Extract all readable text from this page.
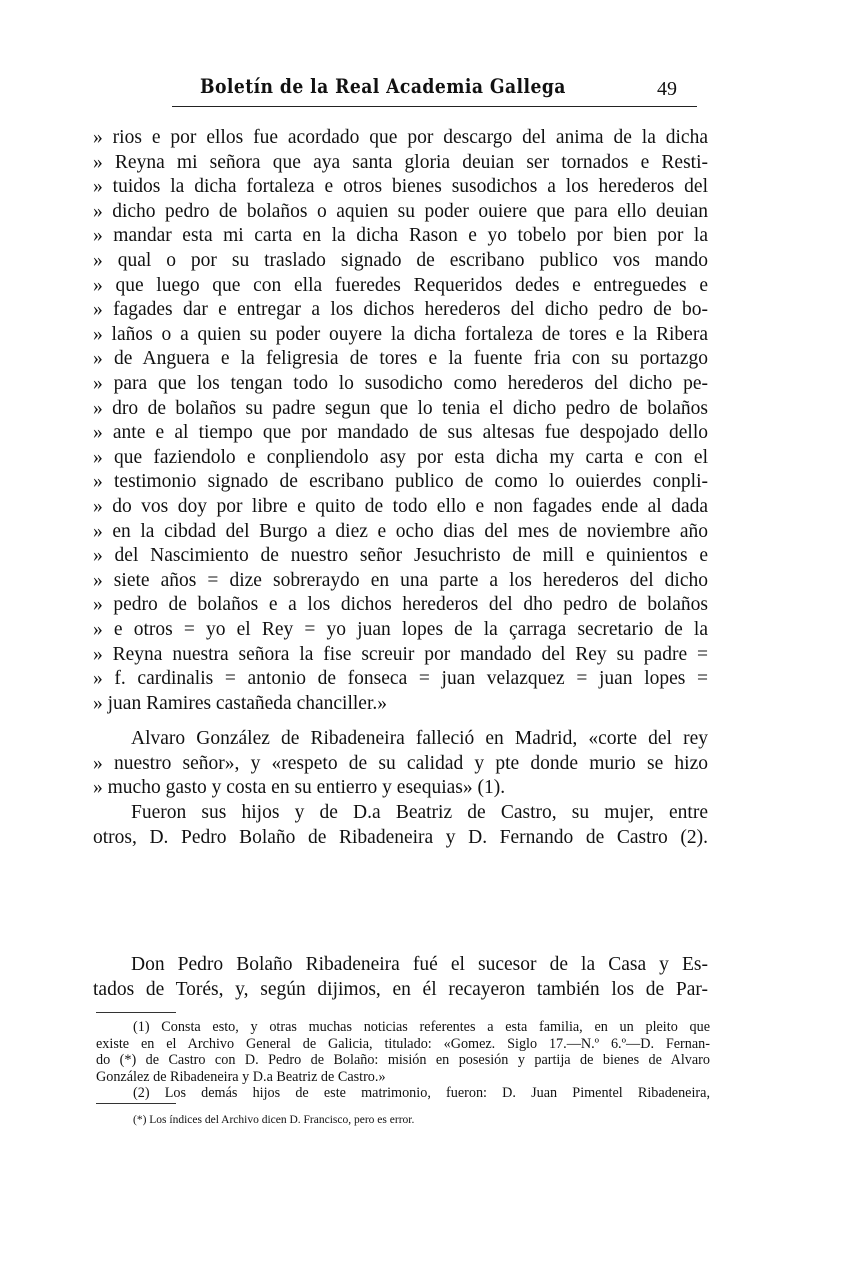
Boletín de la Real Academia Gallega	49
» rios e por ellos fue acordado que por descargo del anima de la dicha
» Reyna mi señora que aya santa gloria deuian ser tornados e Resti-
» tuidos la dicha fortaleza e otros bienes susodichos a los herederos del
» dicho pedro de bolaños o aquien su poder ouiere que para ello deuian
» mandar esta mi carta en la dicha Rason e yo tobelo por bien por la
» qual o por su traslado signado de escribano publico vos mando
» que luego que con ella fueredes Requeridos dedes e entreguedes e
» fagades dar e entregar a los dichos herederos del dicho pedro de bo-
» laños o a quien su poder ouyere la dicha fortaleza de tores e la Ribera
» de Anguera e la feligresia de tores e la fuente fria con su portazgo
» para que los tengan todo lo susodicho como herederos del dicho pe-
» dro de bolaños su padre segun que lo tenia el dicho pedro de bolaños
» ante e al tiempo que por mandado de sus altesas fue despojado dello
» que faziendolo e conpliendolo asy por esta dicha my carta e con el
» testimonio signado de escribano publico de como lo ouierdes conpli-
» do vos doy por libre e quito de todo ello e non fagades ende al dada
» en la cibdad del Burgo a diez e ocho dias del mes de noviembre año
» del Nascimiento de nuestro señor Jesuchristo de mill e quinientos e
» siete años = dize sobreraydo en una parte a los herederos del dicho
» pedro de bolaños e a los dichos herederos del dho pedro de bolaños
» e otros = yo el Rey = yo juan lopes de la çarraga secretario de la
» Reyna nuestra señora la fise screuir por mandado del Rey su padre =
» f. cardinalis = antonio de fonseca = juan velazquez = juan lopes =
» juan Ramires castañeda chanciller.»
Alvaro González de Ribadeneira falleció en Madrid, «corte del rey
» nuestro señor», y «respeto de su calidad y pte donde murio se hizo
» mucho gasto y costa en su entierro y esequias» (1).
Fueron sus hijos y de D.a Beatriz de Castro, su mujer, entre
otros, D. Pedro Bolaño de Ribadeneira y D. Fernando de Castro (2).
Don Pedro Bolaño Ribadeneira fué el sucesor de la Casa y Es-
tados de Torés, y, según dijimos, en él recayeron también los de Par-
(1) Consta esto, y otras muchas noticias referentes a esta familia, en un pleito que
existe en el Archivo General de Galicia, titulado: «Gomez. Siglo 17.—N.º 6.º—D. Fernan-
do (*) de Castro con D. Pedro de Bolaño: misión en posesión y partija de bienes de Alvaro
González de Ribadeneira y D.a Beatriz de Castro.»
(2) Los demás hijos de este matrimonio, fueron: D. Juan Pimentel Ribadeneira,
(*) Los índices del Archivo dicen D. Francisco, pero es error.
